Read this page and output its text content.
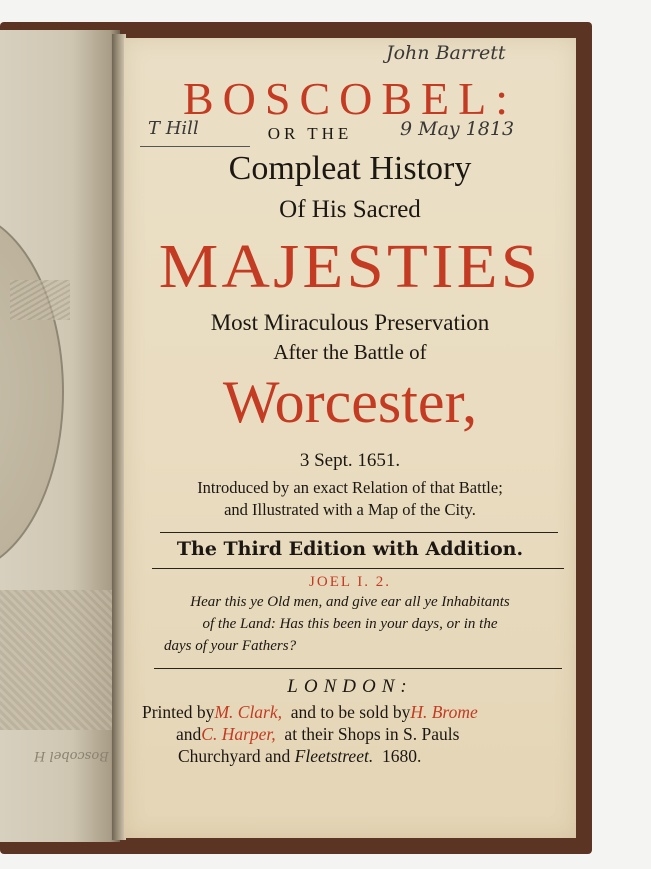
Boscobel H
John Barrett
BOSCOBEL:
T Hill	OR THE	9 May 1813
Compleat History
Of His Sacred
MAJESTIES
Most Miraculous Preservation
After the Battle of
Worcester,
3 Sept. 1651.
Introduced by an exact Relation of that Battle;
and Illustrated with a Map of the City.
The Third Edition with Addition.
JOEL I. 2.
Hear this ye Old men, and give ear all ye Inhabitants
of the Land: Has this been in your days, or in the
days of your Fathers?
LONDON:
Printed byM. Clark, and to be sold byH. Brome
andC. Harper, at their Shops in S. Pauls
Churchyard and Fleetstreet. 1680.
